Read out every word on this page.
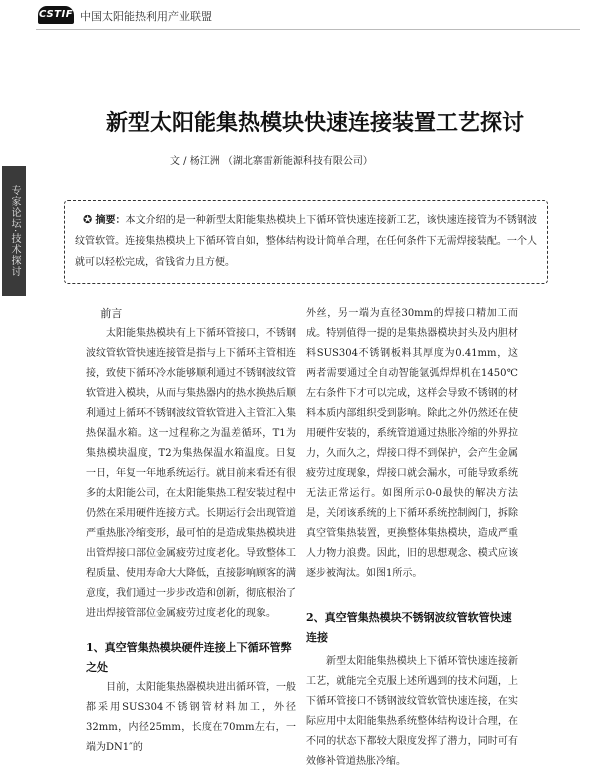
CSTIF 中国太阳能热利用产业联盟
专家论坛·技术探讨
新型太阳能集热模块快速连接装置工艺探讨
文 / 杨江洲 （湖北寨雷新能源科技有限公司）
✪ 摘要：本文介绍的是一种新型太阳能集热模块上下循环管快速连接新工艺，该快速连接管为不锈钢波纹管软管。连接集热模块上下循环管自如，整体结构设计简单合理，在任何条件下无需焊接装配。一个人就可以轻松完成，省钱省力且方便。

前言

太阳能集热模块有上下循环管接口，不锈钢波纹管软管快速连接管是指与上下循环主管相连接，致使下循环冷水能够顺利通过不锈钢波纹管软管进入模块，从而与集热器内的热水换热后顺利通过上循环不锈钢波纹管软管进入主管汇入集热保温水箱。这一过程称之为温差循环，T1为集热模块温度，T2为集热保温水箱温度。日复一日，年复一年地系统运行。就目前来看还有很多的太阳能公司，在太阳能集热工程安装过程中仍然在采用硬件连接方式。长期运行会出现管道严重热胀冷缩变形，最可怕的是造成集热模块进出管焊接口部位金属疲劳过度老化。导致整体工程质量、使用寿命大大降低，直接影响顾客的满意度，我们通过一步步改造和创新，彻底根治了进出焊接管部位金属疲劳过度老化的现象。

1、真空管集热模块硬件连接上下循环管弊之处

目前，太阳能集热器模块进出循环管，一般都采用SUS304不锈钢管材料加工，外径32mm，内径25mm，长度在70mm左右，一端为DN1″的

外丝，另一端为直径30mm的焊接口精加工而成。特别值得一提的是集热器模块封头及内胆材料SUS304不锈钢板料其厚度为0.41mm，这两者需要通过全自动智能氩弧焊焊机在1450℃左右条件下才可以完成，这样会导致不锈钢的材料本质内部组织受到影响。除此之外仍然还在使用硬件安装的，系统管道通过热胀冷缩的外界拉力，久而久之，焊接口得不到保护，会产生金属疲劳过度现象，焊接口就会漏水，可能导致系统无法正常运行。如图所示0-0最快的解决方法是，关闭该系统的上下循环系统控制阀门，拆除真空管集热装置，更换整体集热模块，造成严重人力物力浪费。因此，旧的思想观念、模式应该逐步被淘汰。如图1所示。

2、真空管集热模块不锈钢波纹管软管快速连接

新型太阳能集热模块上下循环管快速连接新工艺，就能完全克服上述所遇到的技术问题，上下循环管接口不锈钢波纹管软管快速连接，在实际应用中太阳能集热系统整体结构设计合理，在不同的状态下都较大限度发挥了潜力，同时可有效修补管道热胀冷缩。
